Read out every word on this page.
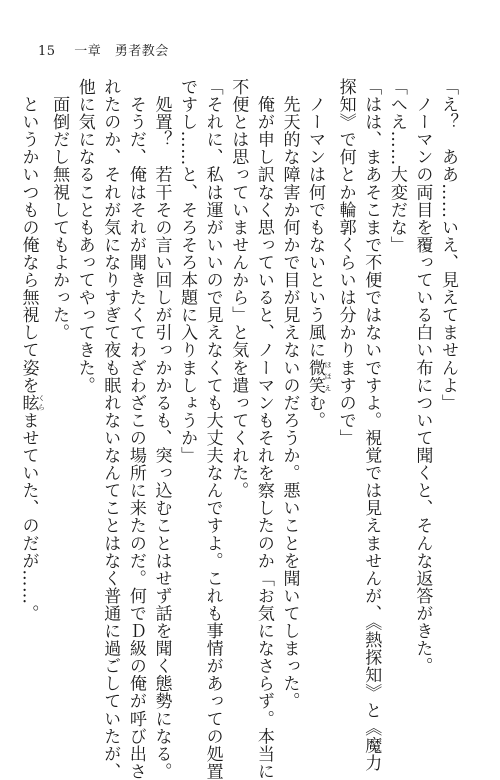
15 一章　勇者教会
「え？　ああ……いえ、見えてませんよ」
　ノーマンの両目を覆っている白い布について聞くと、そんな返答がきた。
「へえ……大変だな」
「はは、まあそこまで不便ではないですよ。視覚では見えませんが、《熱探知》と《魔力
探知》で何とか輪郭くらいは分かりますので」
　ノーマンは何でもないという風に微笑 ほほえむ。
　先天的な障害か何かで目が見えないのだろうか。悪いことを聞いてしまった。
　俺が申し訳なく思っていると、ノーマンもそれを察したのか「お気になさらず。本当に
不便とは思っていませんから」と気を遣ってくれた。
「それに、私は運がいいので見えなくても大丈夫なんですよ。これも事情があっての処置
ですし……と、そろそろ本題に入りましょうか」
　処置？　若干その言い回しが引っかかるも、突っ込むことはせず話を聞く態勢になる。
　そうだ、俺はそれが聞きたくてわざわざこの場所に来たのだ。何でＤ級の俺が呼び出さ
れたのか、それが気になりすぎて夜も眠れないなんてことはなく普通に過ごしていたが、
他に気になることもあってやってきた。
　面倒だし無視してもよかった。
　というかいつもの俺なら無視して姿を眩 くらませていた、のだが……。
